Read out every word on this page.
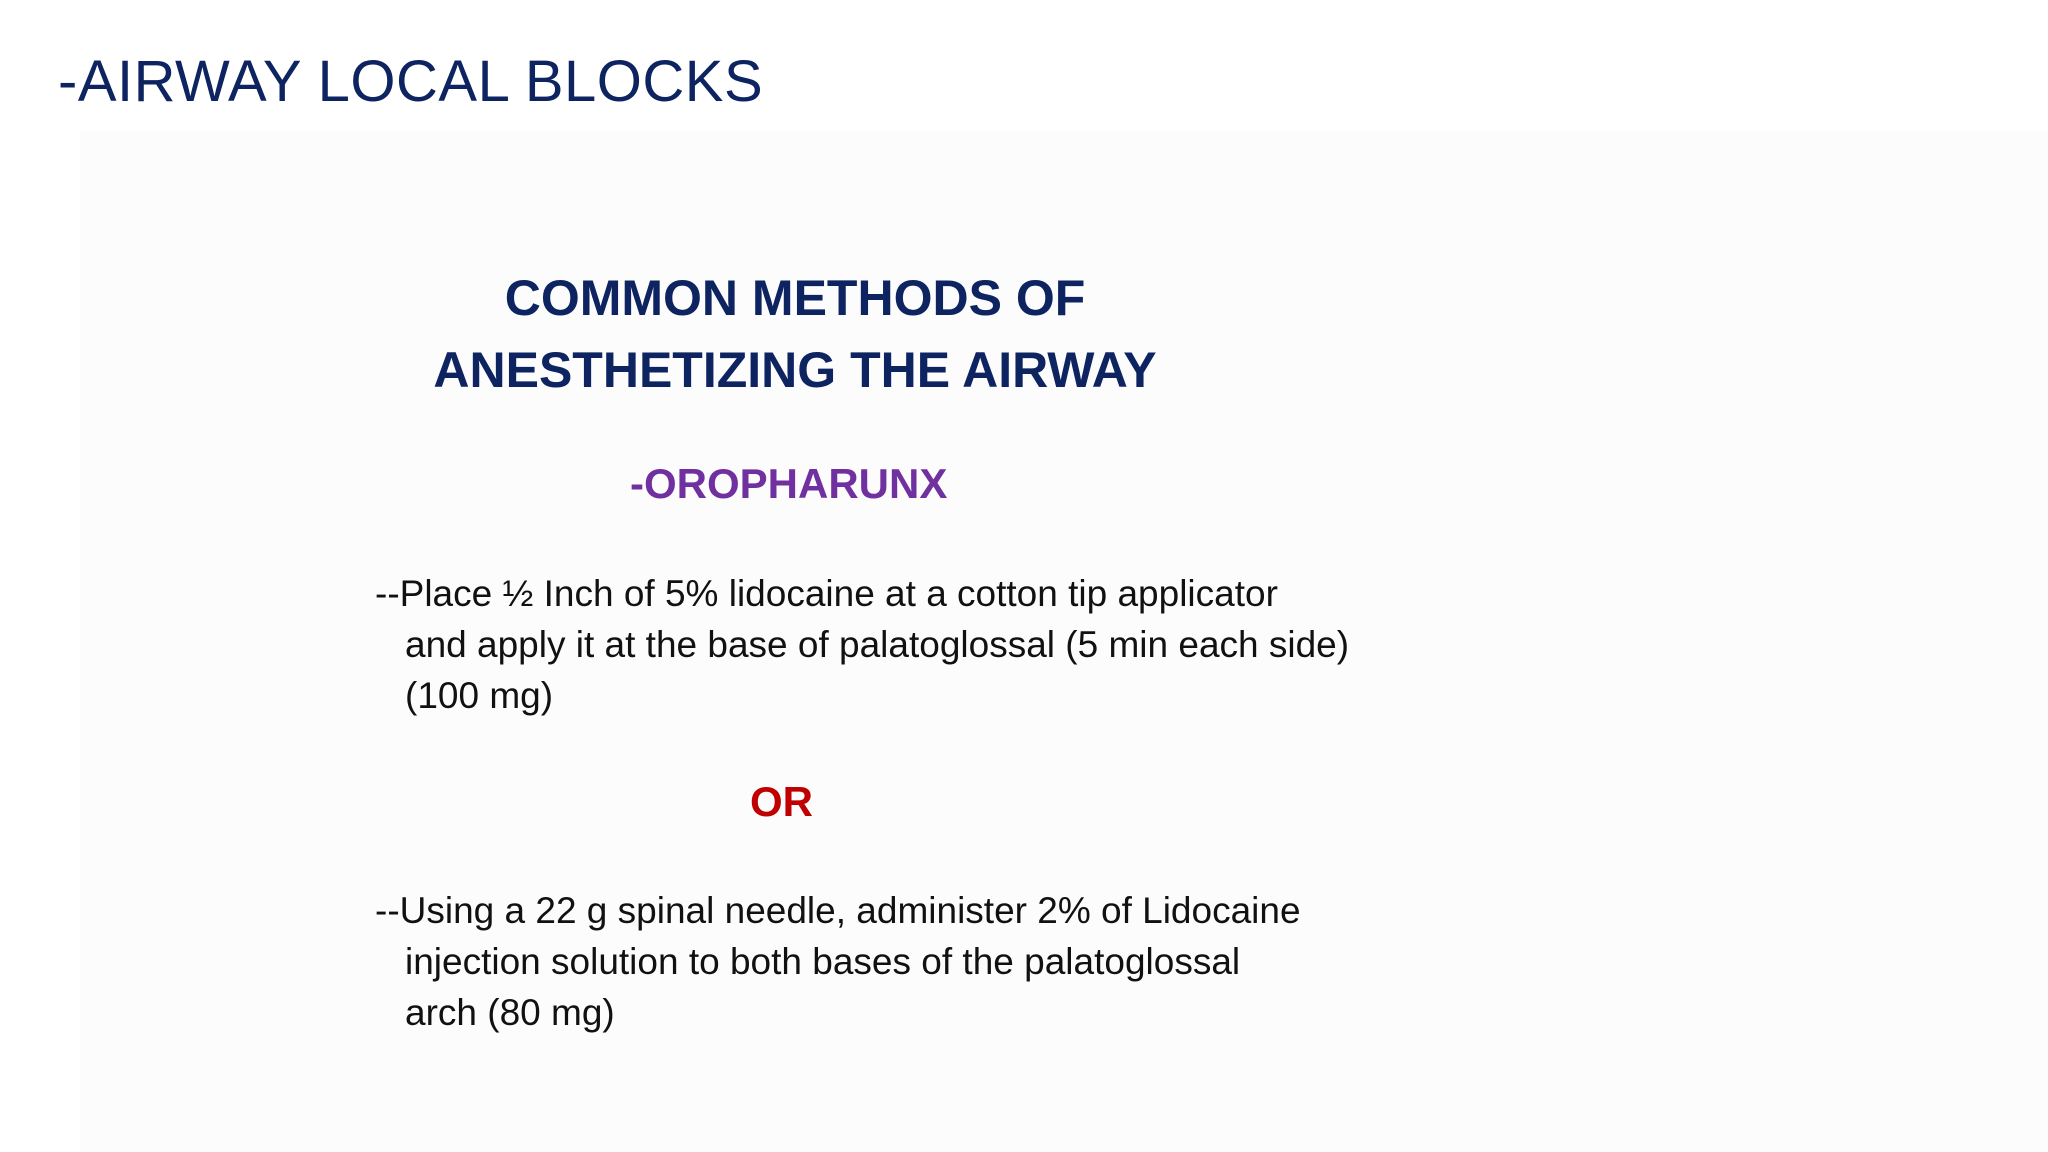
-AIRWAY LOCAL BLOCKS
COMMON METHODS OF
ANESTHETIZING THE AIRWAY
-OROPHARUNX

--Place ½ Inch of 5% lidocaine at a cotton tip applicator
and apply it at the base of palatoglossal (5 min each side)
(100 mg)

OR

--Using a 22 g spinal needle, administer 2% of Lidocaine
injection solution to both bases of the palatoglossal
arch (80 mg)
